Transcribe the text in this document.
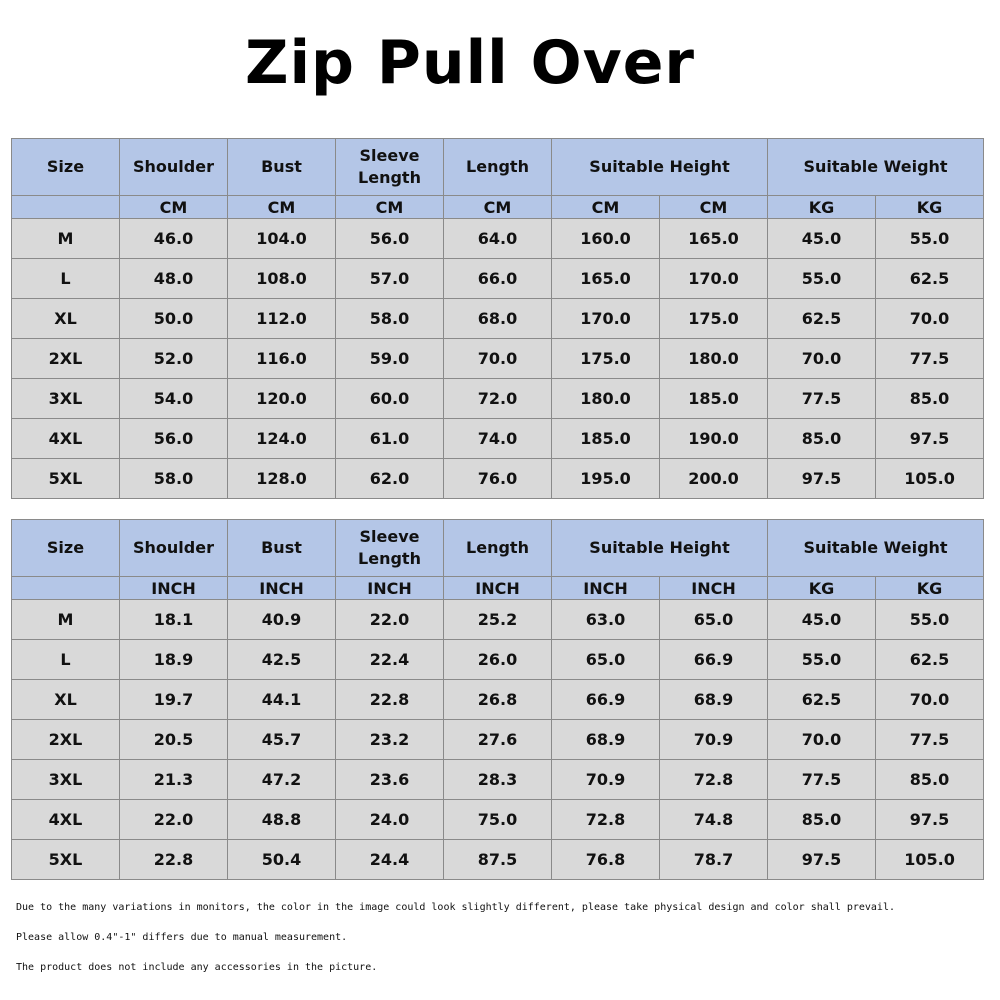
Zip Pull Over
Size	Shoulder	Bust	Sleeve Length	Length	Suitable Height		Suitable Weight	
	CM	CM	CM	CM	CM	CM	KG	KG
M	46.0	104.0	56.0	64.0	160.0	165.0	45.0	55.0
L	48.0	108.0	57.0	66.0	165.0	170.0	55.0	62.5
XL	50.0	112.0	58.0	68.0	170.0	175.0	62.5	70.0
2XL	52.0	116.0	59.0	70.0	175.0	180.0	70.0	77.5
3XL	54.0	120.0	60.0	72.0	180.0	185.0	77.5	85.0
4XL	56.0	124.0	61.0	74.0	185.0	190.0	85.0	97.5
5XL	58.0	128.0	62.0	76.0	195.0	200.0	97.5	105.0
Size	Shoulder	Bust	Sleeve Length	Length	Suitable Height		Suitable Weight	
	INCH	INCH	INCH	INCH	INCH	INCH	KG	KG
M	18.1	40.9	22.0	25.2	63.0	65.0	45.0	55.0
L	18.9	42.5	22.4	26.0	65.0	66.9	55.0	62.5
XL	19.7	44.1	22.8	26.8	66.9	68.9	62.5	70.0
2XL	20.5	45.7	23.2	27.6	68.9	70.9	70.0	77.5
3XL	21.3	47.2	23.6	28.3	70.9	72.8	77.5	85.0
4XL	22.0	48.8	24.0	75.0	72.8	74.8	85.0	97.5
5XL	22.8	50.4	24.4	87.5	76.8	78.7	97.5	105.0
Due to the many variations in monitors, the color in the image could look slightly different, please take physical design and color shall prevail.
Please allow 0.4"-1" differs due to manual measurement.
The product does not include any accessories in the picture.
